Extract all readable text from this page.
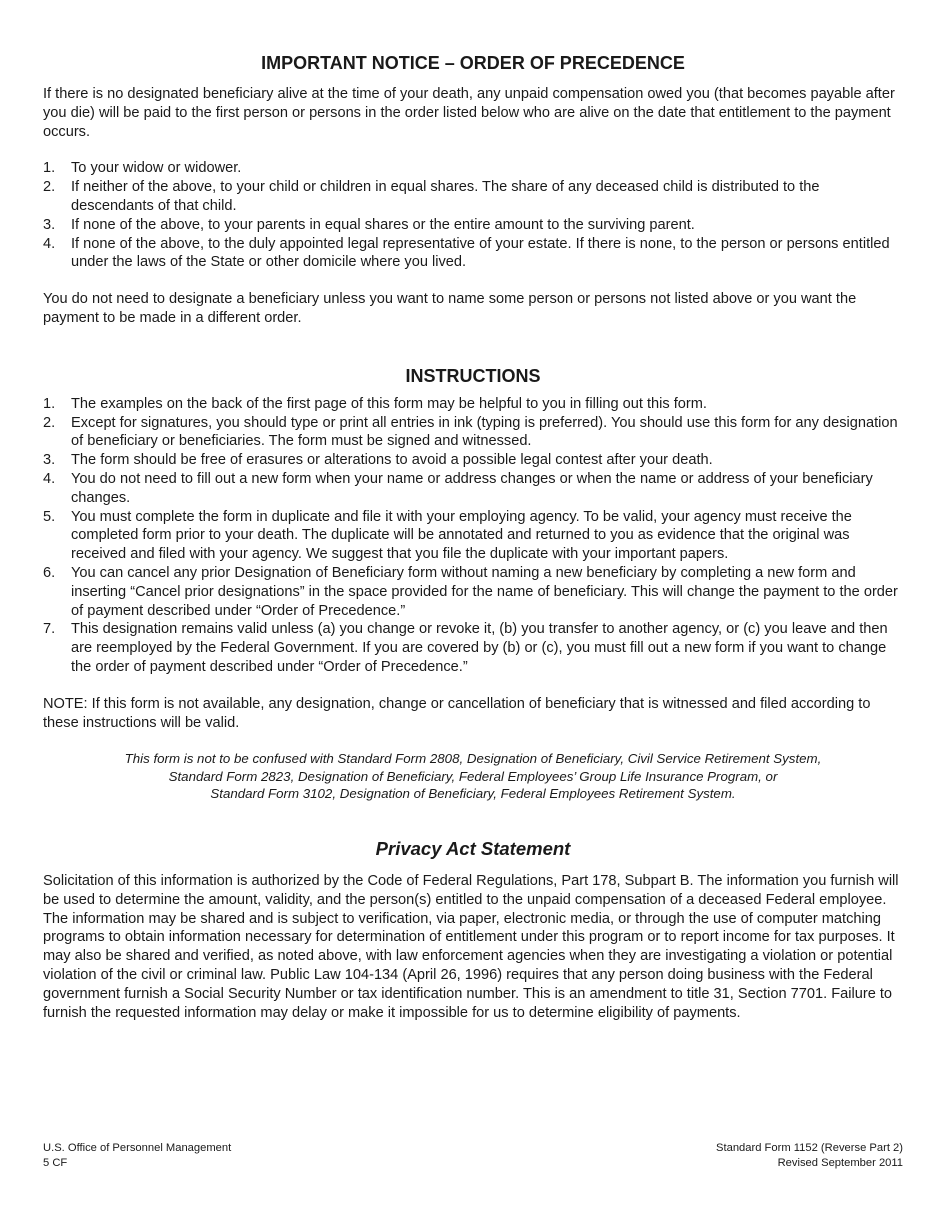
IMPORTANT NOTICE – ORDER OF PRECEDENCE

If there is no designated beneficiary alive at the time of your death, any unpaid compensation owed you (that becomes payable after you die) will be paid to the first person or persons in the order listed below who are alive on the date that entitlement to the payment occurs.

1. To your widow or widower.
2. If neither of the above, to your child or children in equal shares. The share of any deceased child is distributed to the descendants of that child.
3. If none of the above, to your parents in equal shares or the entire amount to the surviving parent.
4. If none of the above, to the duly appointed legal representative of your estate. If there is none, to the person or persons entitled under the laws of the State or other domicile where you lived.

You do not need to designate a beneficiary unless you want to name some person or persons not listed above or you want the payment to be made in a different order.

INSTRUCTIONS
1. The examples on the back of the first page of this form may be helpful to you in filling out this form.
2. Except for signatures, you should type or print all entries in ink (typing is preferred). You should use this form for any designation of beneficiary or beneficiaries. The form must be signed and witnessed.
3. The form should be free of erasures or alterations to avoid a possible legal contest after your death.
4. You do not need to fill out a new form when your name or address changes or when the name or address of your beneficiary changes.
5. You must complete the form in duplicate and file it with your employing agency. To be valid, your agency must receive the completed form prior to your death. The duplicate will be annotated and returned to you as evidence that the original was received and filed with your agency. We suggest that you file the duplicate with your important papers.
6. You can cancel any prior Designation of Beneficiary form without naming a new beneficiary by completing a new form and inserting “Cancel prior designations” in the space provided for the name of beneficiary. This will change the payment to the order of payment described under “Order of Precedence.”
7. This designation remains valid unless (a) you change or revoke it, (b) you transfer to another agency, or (c) you leave and then are reemployed by the Federal Government. If you are covered by (b) or (c), you must fill out a new form if you want to change the order of payment described under “Order of Precedence.”

NOTE: If this form is not available, any designation, change or cancellation of beneficiary that is witnessed and filed according to these instructions will be valid.

This form is not to be confused with Standard Form 2808, Designation of Beneficiary, Civil Service Retirement System,
Standard Form 2823, Designation of Beneficiary, Federal Employees’ Group Life Insurance Program, or
Standard Form 3102, Designation of Beneficiary, Federal Employees Retirement System.
Privacy Act Statement

Solicitation of this information is authorized by the Code of Federal Regulations, Part 178, Subpart B. The information you furnish will be used to determine the amount, validity, and the person(s) entitled to the unpaid compensation of a deceased Federal employee. The information may be shared and is subject to verification, via paper, electronic media, or through the use of computer matching programs to obtain information necessary for determination of entitlement under this program or to report income for tax purposes. It may also be shared and verified, as noted above, with law enforcement agencies when they are investigating a violation or potential violation of the civil or criminal law. Public Law 104-134 (April 26, 1996) requires that any person doing business with the Federal government furnish a Social Security Number or tax identification number. This is an amendment to title 31, Section 7701. Failure to furnish the requested information may delay or make it impossible for us to determine eligibility of payments.

U.S. Office of Personnel Management
5 CF
Standard Form 1152 (Reverse Part 2)
Revised September 2011
